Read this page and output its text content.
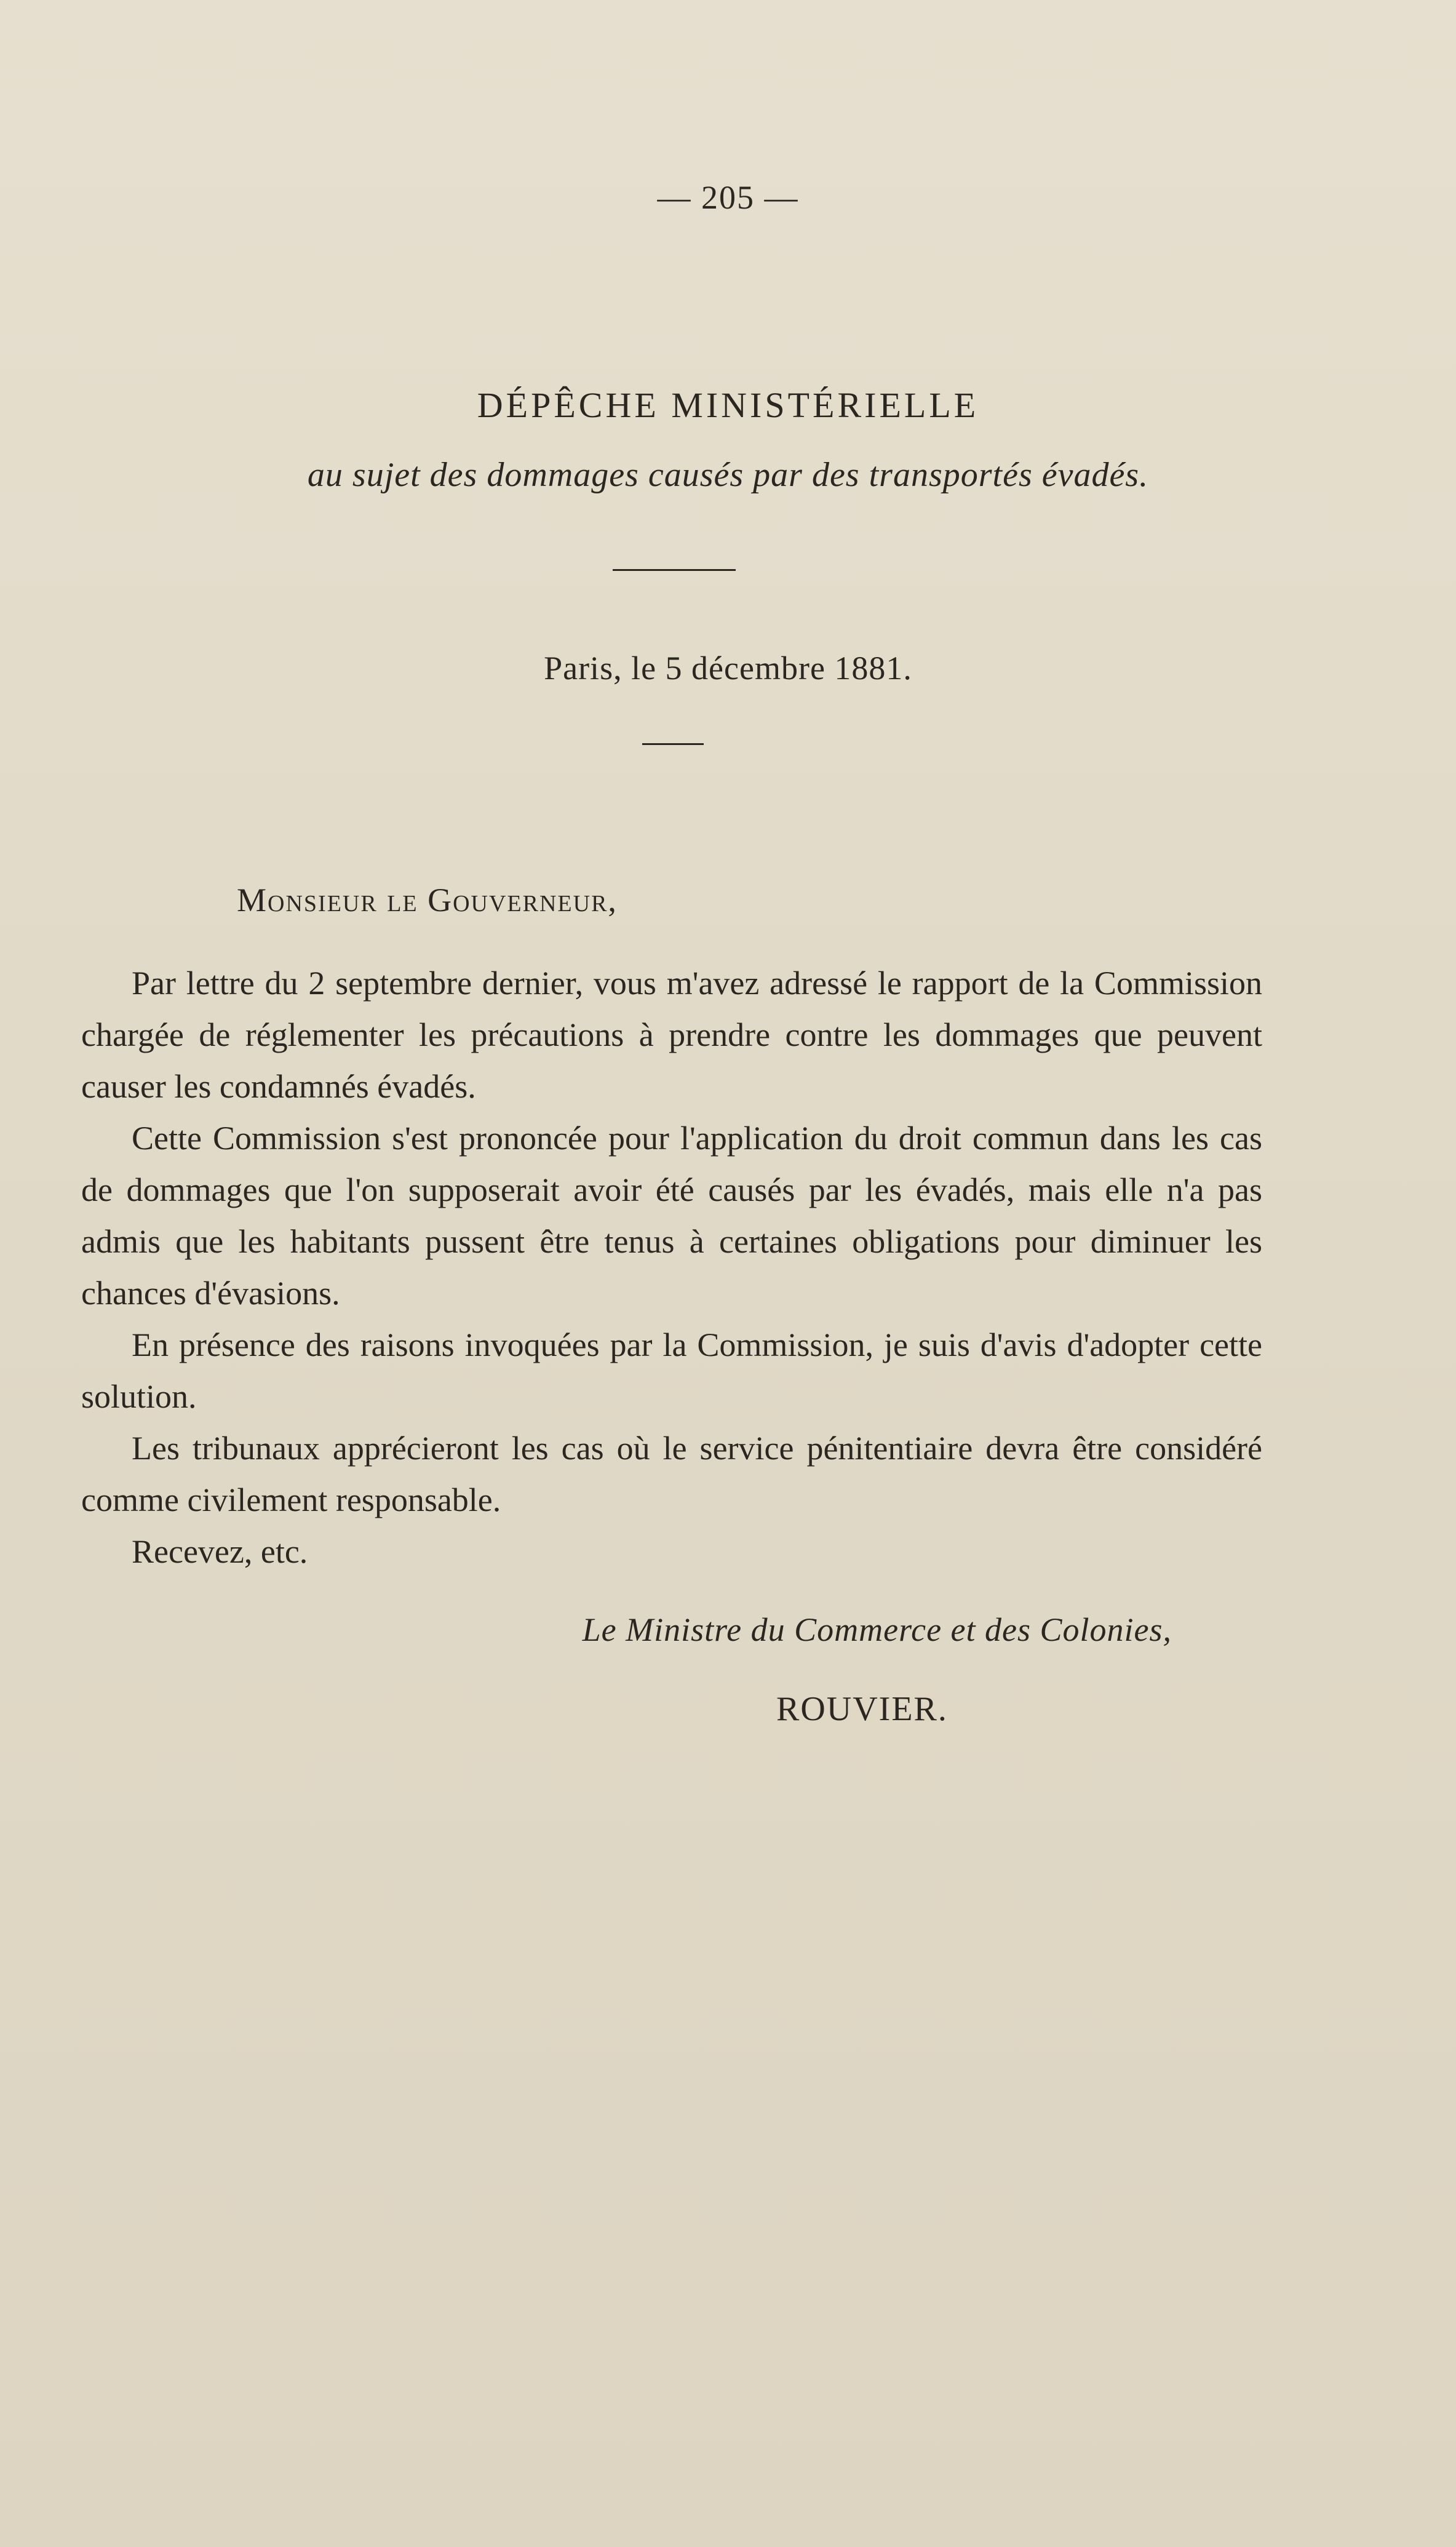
— 205 —
DÉPÊCHE MINISTÉRIELLE
au sujet des dommages causés par des transportés évadés.
Paris, le 5 décembre 1881.
Monsieur le Gouverneur,

Par lettre du 2 septembre dernier, vous m'avez adressé le rapport de la Commission chargée de réglementer les précautions à prendre contre les dommages que peuvent causer les condamnés évadés.

Cette Commission s'est prononcée pour l'application du droit commun dans les cas de dommages que l'on supposerait avoir été causés par les évadés, mais elle n'a pas admis que les habitants pussent être tenus à certaines obligations pour diminuer les chances d'évasions.

En présence des raisons invoquées par la Commission, je suis d'avis d'adopter cette solution.

Les tribunaux apprécieront les cas où le service pénitentiaire devra être considéré comme civilement responsable.

Recevez, etc.

Le Ministre du Commerce et des Colonies,
ROUVIER.
